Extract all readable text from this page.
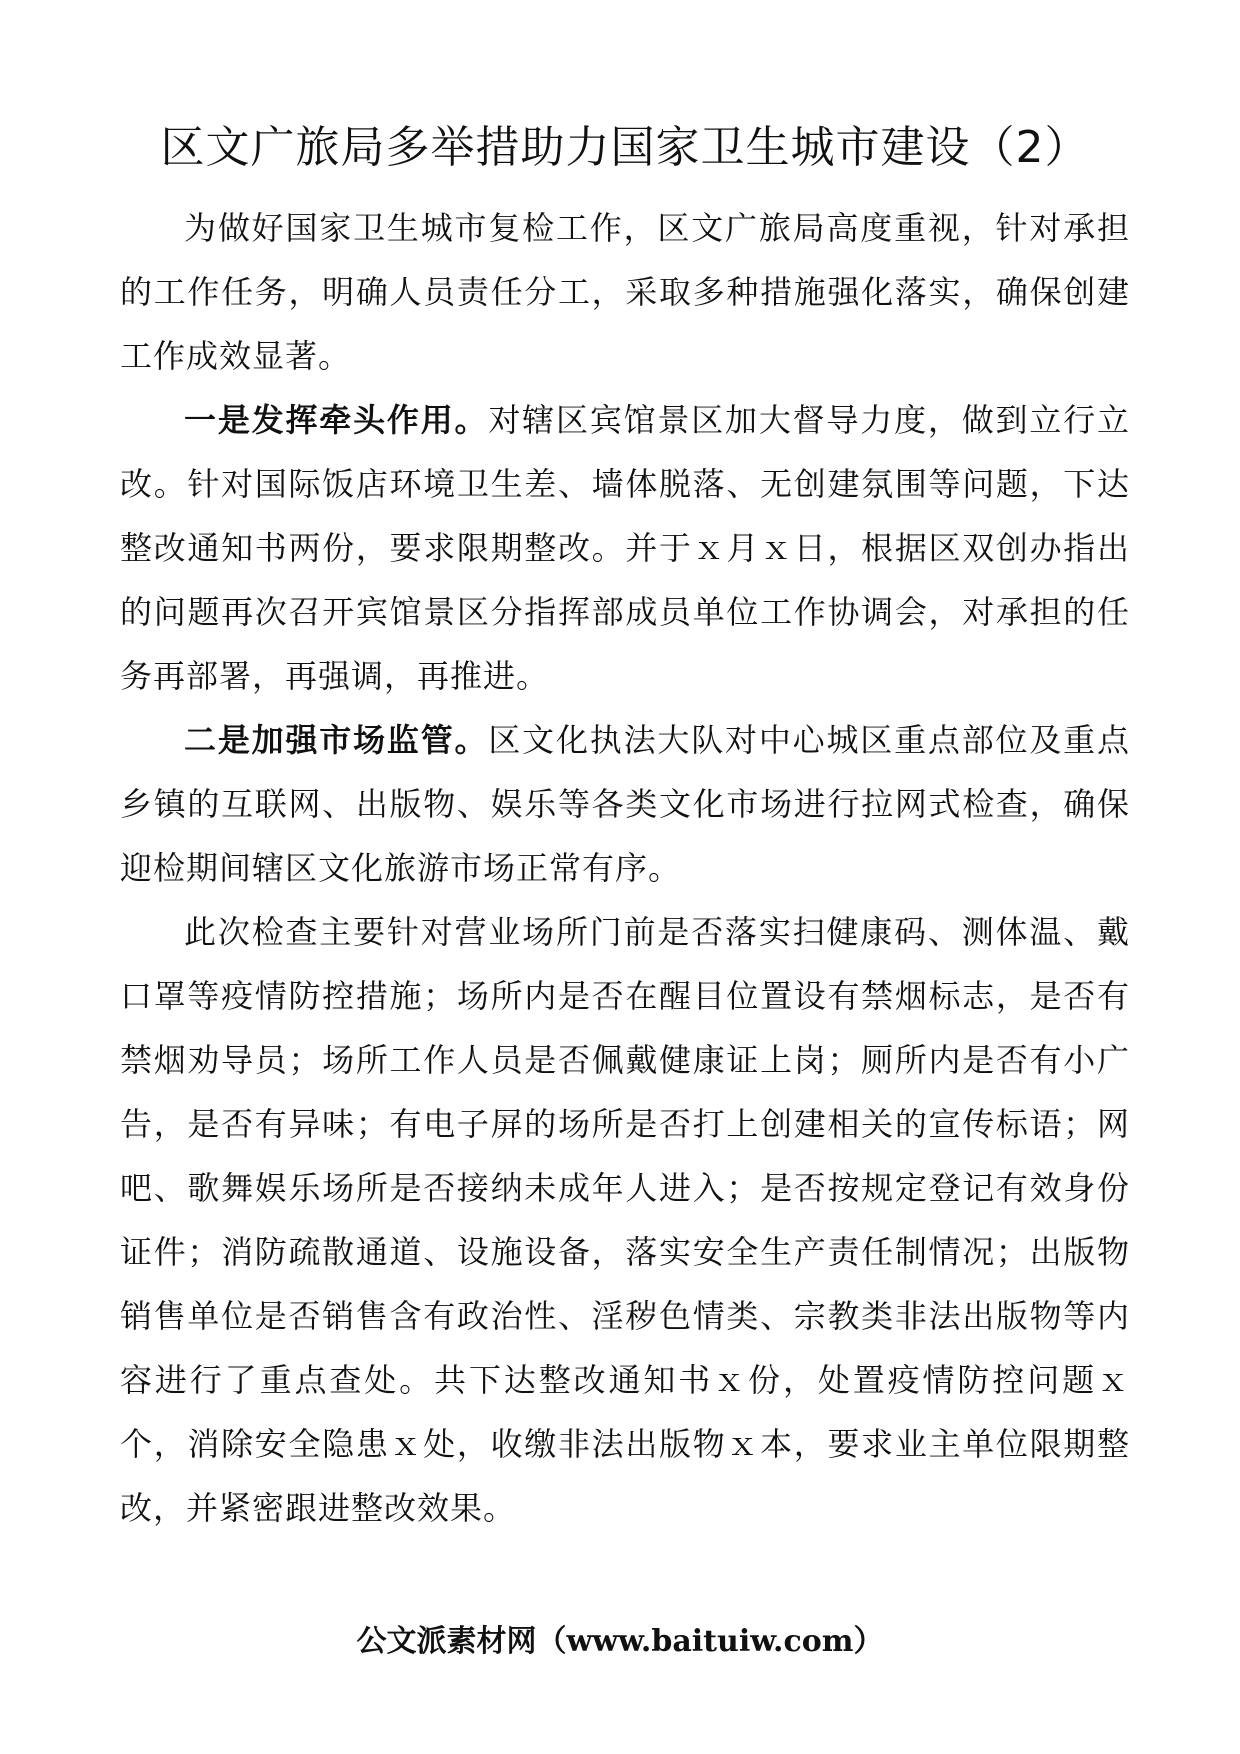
区文广旅局多举措助力国家卫生城市建设（2）

为做好国家卫生城市复检工作，区文广旅局高度重视，针对承担的工作任务，明确人员责任分工，采取多种措施强化落实，确保创建工作成效显著。

一是发挥牵头作用。对辖区宾馆景区加大督导力度，做到立行立改。针对国际饭店环境卫生差、墙体脱落、无创建氛围等问题，下达整改通知书两份，要求限期整改。并于ｘ月ｘ日，根据区双创办指出的问题再次召开宾馆景区分指挥部成员单位工作协调会，对承担的任务再部署，再强调，再推进。

二是加强市场监管。区文化执法大队对中心城区重点部位及重点乡镇的互联网、出版物、娱乐等各类文化市场进行拉网式检查，确保迎检期间辖区文化旅游市场正常有序。

此次检查主要针对营业场所门前是否落实扫健康码、测体温、戴口罩等疫情防控措施；场所内是否在醒目位置设有禁烟标志，是否有禁烟劝导员；场所工作人员是否佩戴健康证上岗；厕所内是否有小广告，是否有异味；有电子屏的场所是否打上创建相关的宣传标语；网吧、歌舞娱乐场所是否接纳未成年人进入；是否按规定登记有效身份证件；消防疏散通道、设施设备，落实安全生产责任制情况；出版物销售单位是否销售含有政治性、淫秽色情类、宗教类非法出版物等内容进行了重点查处。共下达整改通知书ｘ份，处置疫情防控问题ｘ个，消除安全隐患ｘ处，收缴非法出版物ｘ本，要求业主单位限期整改，并紧密跟进整改效果。

公文派素材网（www.baituiw.com）
